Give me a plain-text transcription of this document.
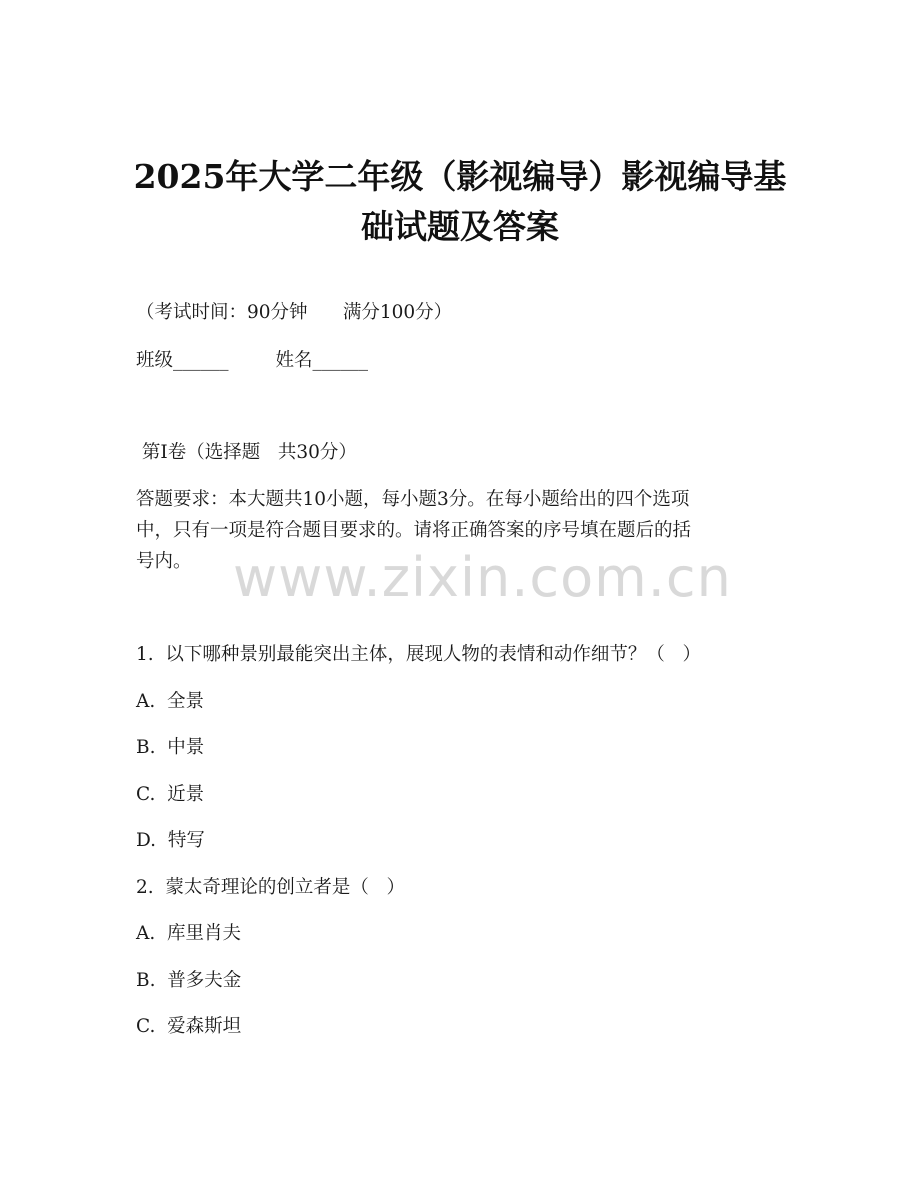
2025年大学二年级（影视编导）影视编导基
础试题及答案
（考试时间：90分钟      满分100分）
班级______        姓名______
第Ⅰ卷（选择题   共30分）
答题要求：本大题共10小题，每小题3分。在每小题给出的四个选项
中，只有一项是符合题目要求的。请将正确答案的序号填在题后的括
号内。 www.zixin.com.cn
1.  以下哪种景别最能突出主体，展现人物的表情和动作细节？（   ）
A.  全景
B.  中景
C.  近景
D.  特写
2.  蒙太奇理论的创立者是（   ）
A.  库里肖夫
B.  普多夫金
C.  爱森斯坦
